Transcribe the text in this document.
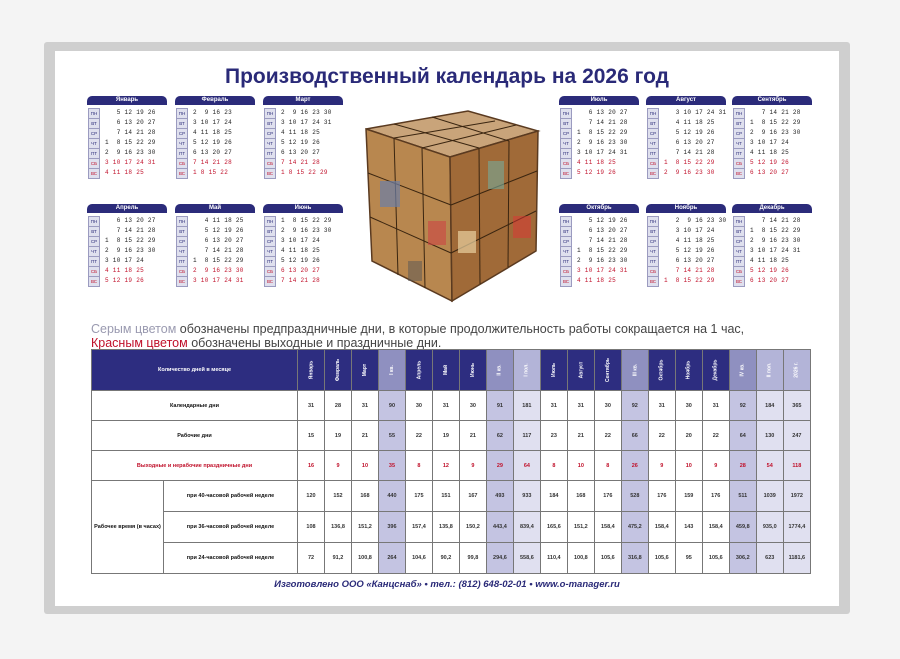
Производственный календарь на 2026 год
Январь
ПН	5 12 19 26
ВТ	6 13 20 27
СР	7 14 21 28
ЧТ	1  8 15 22 29
ПТ	2  9 16 23 30
СБ	3 10 17 24 31
ВС	4 11 18 25
Февраль
ПН	2  9 16 23
ВТ	3 10 17 24
СР	4 11 18 25
ЧТ	5 12 19 26
ПТ	6 13 20 27
СБ	7 14 21 28
ВС	1 8 15 22
Март
ПН	2  9 16 23 30
ВТ	3 10 17 24 31
СР	4 11 18 25
ЧТ	5 12 19 26
ПТ	6 13 20 27
СБ	7 14 21 28
ВС	1 8 15 22 29
Апрель
ПН	6 13 20 27
ВТ	7 14 21 28
СР	1  8 15 22 29
ЧТ	2  9 16 23 30
ПТ	3 10 17 24
СБ	4 11 18 25
ВС	5 12 19 26
Май
ПН	4 11 18 25
ВТ	5 12 19 26
СР	6 13 20 27
ЧТ	7 14 21 28
ПТ	1  8 15 22 29
СБ	2  9 16 23 30
ВС	3 10 17 24 31
Июнь
ПН	1  8 15 22 29
ВТ	2  9 16 23 30
СР	3 10 17 24
ЧТ	4 11 18 25
ПТ	5 12 19 26
СБ	6 13 20 27
ВС	7 14 21 28
Июль
ПН	6 13 20 27
ВТ	7 14 21 28
СР	1  8 15 22 29
ЧТ	2  9 16 23 30
ПТ	3 10 17 24 31
СБ	4 11 18 25
ВС	5 12 19 26
Август
ПН	3 10 17 24 31
ВТ	4 11 18 25
СР	5 12 19 26
ЧТ	6 13 20 27
ПТ	7 14 21 28
СБ	1  8 15 22 29
ВС	2  9 16 23 30
Сентябрь
ПН	7 14 21 28
ВТ	1  8 15 22 29
СР	2  9 16 23 30
ЧТ	3 10 17 24
ПТ	4 11 18 25
СБ	5 12 19 26
ВС	6 13 20 27
Октябрь
ПН	5 12 19 26
ВТ	6 13 20 27
СР	7 14 21 28
ЧТ	1  8 15 22 29
ПТ	2  9 16 23 30
СБ	3 10 17 24 31
ВС	4 11 18 25
Ноябрь
ПН	2  9 16 23 30
ВТ	3 10 17 24
СР	4 11 18 25
ЧТ	5 12 19 26
ПТ	6 13 20 27
СБ	7 14 21 28
ВС	1  8 15 22 29
Декабрь
ПН	7 14 21 28
ВТ	1  8 15 22 29
СР	2  9 16 23 30
ЧТ	3 10 17 24 31
ПТ	4 11 18 25
СБ	5 12 19 26
ВС	6 13 20 27
Серым цветом обозначены предпраздничные дни, в которые продолжительность работы сокращается на 1 час,
Красным цветом обозначены выходные и праздничные дни.
Количество дней в месяце		Январь	Февраль	Март	I кв.	Апрель	Май	Июнь	II кв.	I пол.	Июль	Август	Сентябрь	III кв.	Октябрь	Ноябрь	Декабрь	IV кв.	II пол.	2026 г.
Календарные дни		31	28	31	90	30	31	30	91	181	31	31	30	92	31	30	31	92	184	365
Рабочие дни		15	19	21	55	22	19	21	62	117	23	21	22	66	22	20	22	64	130	247
Выходные и нерабочие праздничные дни		16	9	10	35	8	12	9	29	64	8	10	8	26	9	10	9	28	54	118
Рабочее время (в часах)	при 40-часовой рабочей неделе	120	152	168	440	175	151	167	493	933	184	168	176	528	176	159	176	511	1039	1972
	при 36-часовой рабочей неделе	108	136,8	151,2	396	157,4	135,8	150,2	443,4	839,4	165,6	151,2	158,4	475,2	158,4	143	158,4	459,8	935,0	1774,4
	при 24-часовой рабочей неделе	72	91,2	100,8	264	104,6	90,2	99,8	294,6	558,6	110,4	100,8	105,6	316,8	105,6	95	105,6	306,2	623	1181,6
Изготовлено ООО «Канцснаб» • тел.: (812) 648-02-01 • www.o-manager.ru
